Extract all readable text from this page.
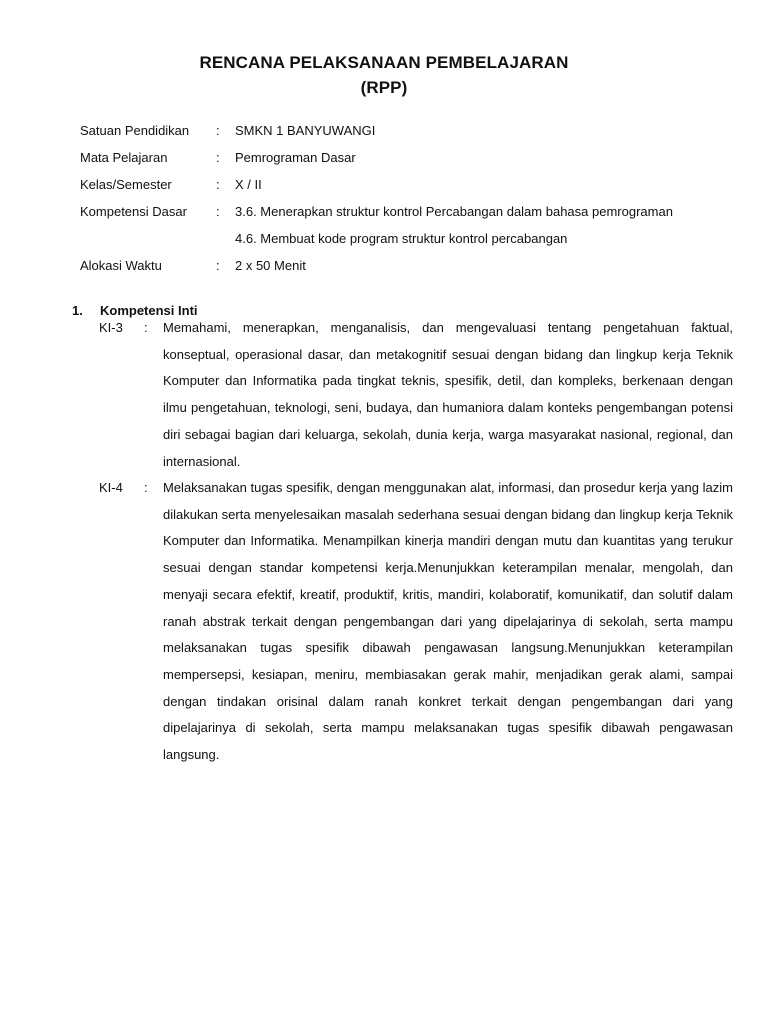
RENCANA PELAKSANAAN PEMBELAJARAN
(RPP)
Satuan Pendidikan : SMKN 1 BANYUWANGI
Mata Pelajaran	: Pemrograman Dasar
Kelas/Semester	: X / II
Kompetensi Dasar : 3.6. Menerapkan struktur kontrol Percabangan dalam bahasa pemrograman
4.6. Membuat kode program struktur kontrol percabangan
Alokasi Waktu	: 2 x 50 Menit
1. Kompetensi Inti
KI-3 : Memahami, menerapkan, menganalisis, dan mengevaluasi tentang pengetahuan faktual, konseptual, operasional dasar, dan metakognitif sesuai dengan bidang dan lingkup kerja Teknik Komputer dan Informatika pada tingkat teknis, spesifik, detil, dan kompleks, berkenaan dengan ilmu pengetahuan, teknologi, seni, budaya, dan humaniora dalam konteks pengembangan potensi diri sebagai bagian dari keluarga, sekolah, dunia kerja, warga masyarakat nasional, regional, dan internasional.

KI-4 : Melaksanakan tugas spesifik, dengan menggunakan alat, informasi, dan prosedur kerja yang lazim dilakukan serta menyelesaikan masalah sederhana sesuai dengan bidang dan lingkup kerja Teknik Komputer dan Informatika. Menampilkan kinerja mandiri dengan mutu dan kuantitas yang terukur sesuai dengan standar kompetensi kerja.Menunjukkan keterampilan menalar, mengolah, dan menyaji secara efektif, kreatif, produktif, kritis, mandiri, kolaboratif, komunikatif, dan solutif dalam ranah abstrak terkait dengan pengembangan dari yang dipelajarinya di sekolah, serta mampu melaksanakan tugas spesifik dibawah pengawasan langsung.Menunjukkan keterampilan mempersepsi, kesiapan, meniru, membiasakan gerak mahir, menjadikan gerak alami, sampai dengan tindakan orisinal dalam ranah konkret terkait dengan pengembangan dari yang dipelajarinya di sekolah, serta mampu melaksanakan tugas spesifik dibawah pengawasan langsung.
